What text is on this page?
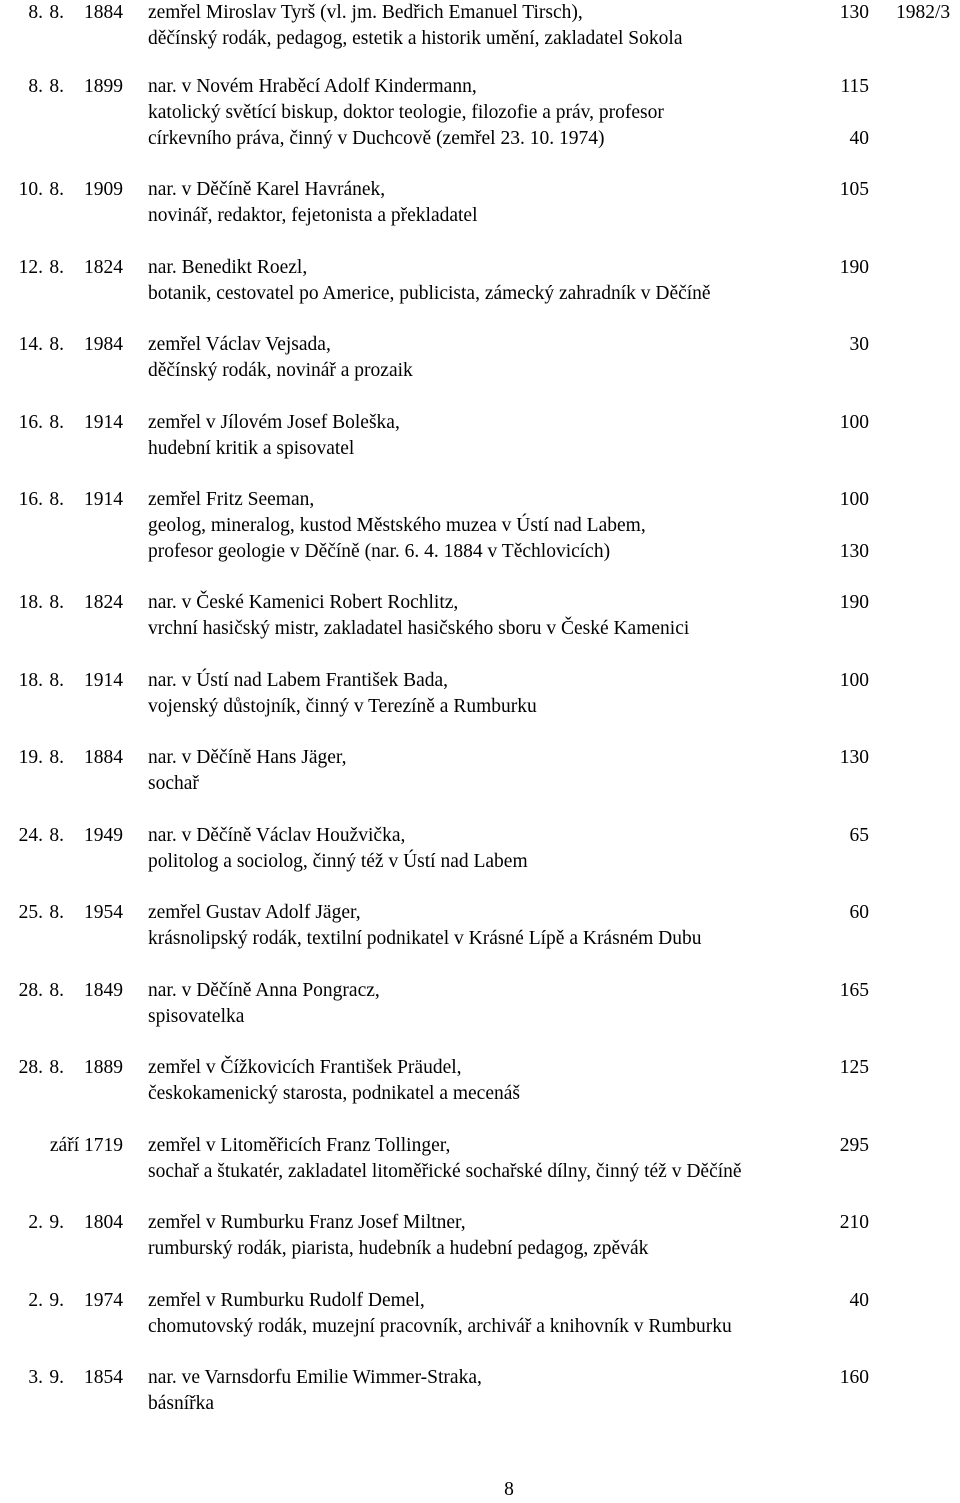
8. 8.	1884 zemřel Miroslav Tyrš (vl. jm. Bedřich Emanuel Tirsch),	130 1982/3
děčínský rodák, pedagog, estetik a historik umění, zakladatel Sokola
8. 8.	1899 nar. v Novém Hraběcí Adolf Kindermann,	115
katolický světící biskup, doktor teologie, filozofie a práv, profesor
církevního práva, činný v Duchcově (zemřel 23. 10. 1974)	40
10. 8.	1909 nar. v Děčíně Karel Havránek,	105
novinář, redaktor, fejetonista a překladatel
12. 8.	1824 nar. Benedikt Roezl,	190
botanik, cestovatel po Americe, publicista, zámecký zahradník v Děčíně
14. 8.	1984 zemřel Václav Vejsada,	30
děčínský rodák, novinář a prozaik
16. 8.	1914 zemřel v Jílovém Josef Boleška,	100
hudební kritik a spisovatel
16. 8.	1914 zemřel Fritz Seeman,	100
geolog, mineralog, kustod Městského muzea v Ústí nad Labem,
profesor geologie v Děčíně (nar. 6. 4. 1884 v Těchlovicích)	130
18. 8.	1824 nar. v České Kamenici Robert Rochlitz,	190
vrchní hasičský mistr, zakladatel hasičského sboru v České Kamenici
18. 8.	1914 nar. v Ústí nad Labem František Bada,	100
vojenský důstojník, činný v Terezíně a Rumburku
19. 8.	1884 nar. v Děčíně Hans Jäger,	130
sochař
24. 8.	1949 nar. v Děčíně Václav Houžvička,	65
politolog a sociolog, činný též v Ústí nad Labem
25. 8.	1954 zemřel Gustav Adolf Jäger,	60
krásnolipský rodák, textilní podnikatel v Krásné Lípě a Krásném Dubu
28. 8.	1849 nar. v Děčíně Anna Pongracz,	165
spisovatelka
28. 8.	1889 zemřel v Čížkovicích František Präudel,	125
českokamenický starosta, podnikatel a mecenáš
září 1719 zemřel v Litoměřicích Franz Tollinger,	295
sochař a štukatér, zakladatel litoměřické sochařské dílny, činný též v Děčíně
2. 9.	1804 zemřel v Rumburku Franz Josef Miltner,	210
rumburský rodák, piarista, hudebník a hudební pedagog, zpěvák
2. 9.	1974 zemřel v Rumburku Rudolf Demel,	40
chomutovský rodák, muzejní pracovník, archivář a knihovník v Rumburku
3. 9.	1854 nar. ve Varnsdorfu Emilie Wimmer-Straka,	160
básnířka
8
